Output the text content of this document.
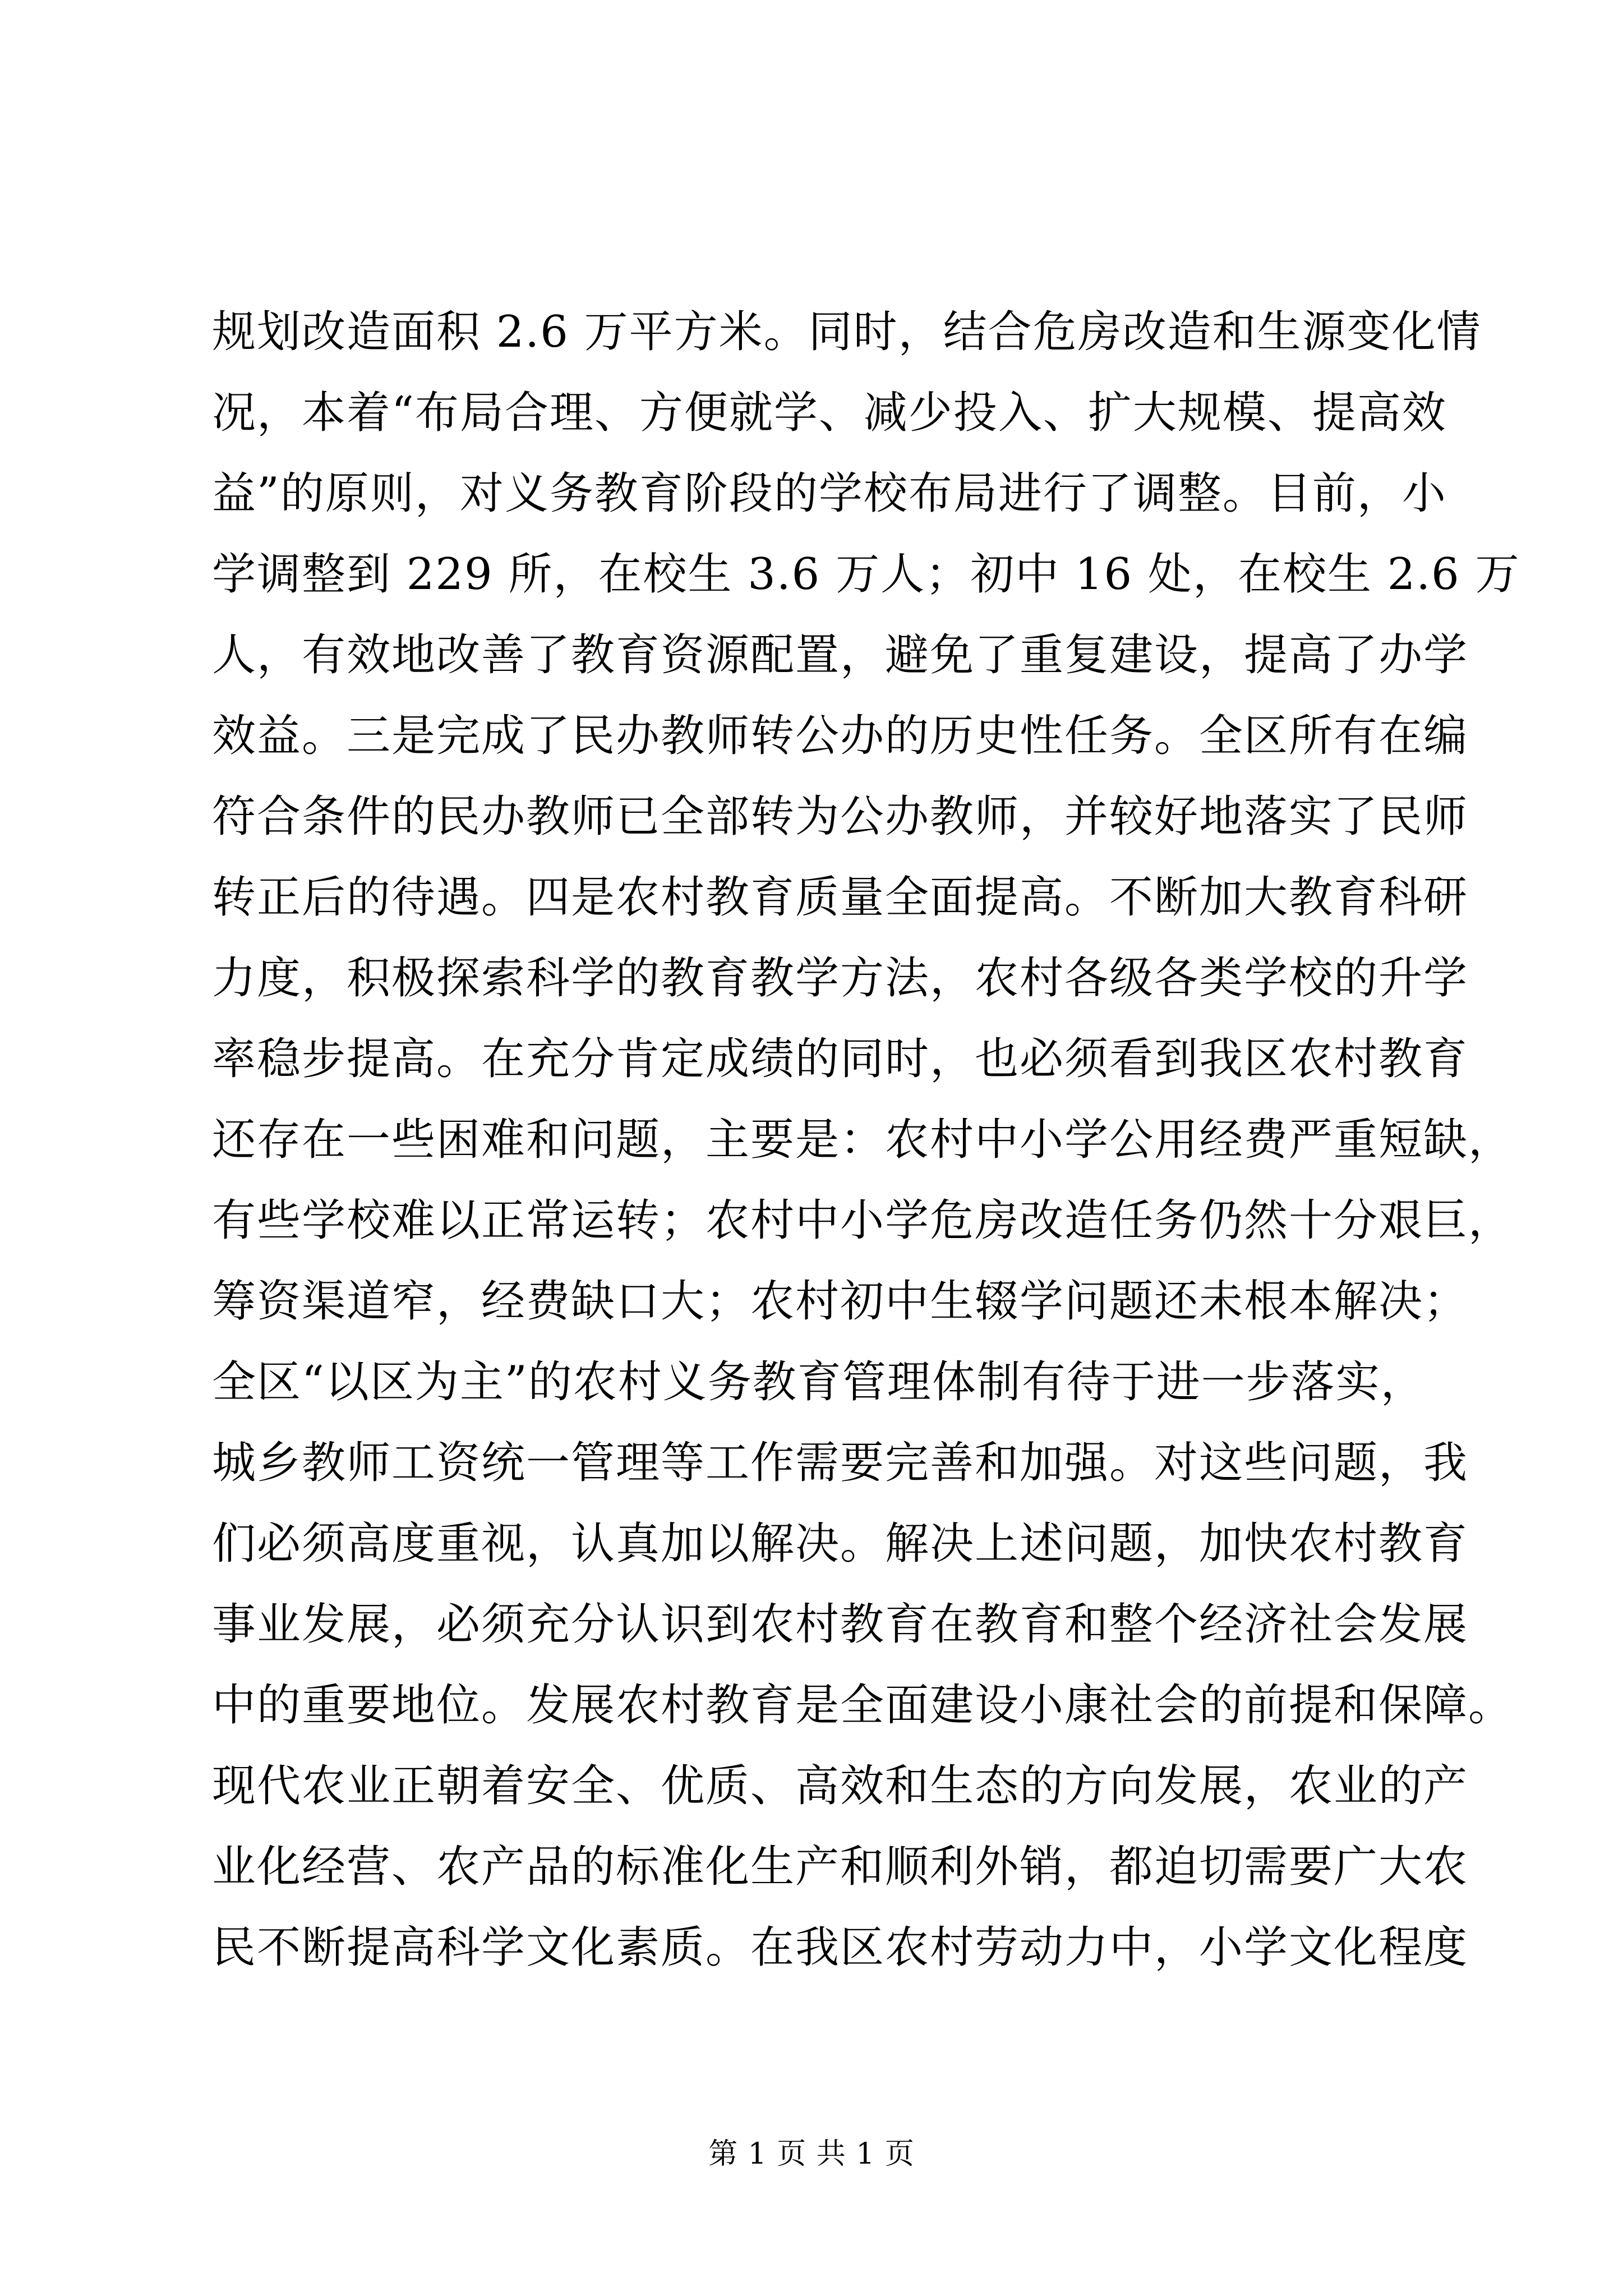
规划改造面积 2.6 万平方米。同时，结合危房改造和生源变化情
况，本着“布局合理、方便就学、减少投入、扩大规模、提高效
益”的原则，对义务教育阶段的学校布局进行了调整。目前，小
学调整到 229 所，在校生 3.6 万人；初中 16 处，在校生 2.6 万
人，有效地改善了教育资源配置，避免了重复建设，提高了办学
效益。三是完成了民办教师转公办的历史性任务。全区所有在编
符合条件的民办教师已全部转为公办教师，并较好地落实了民师
转正后的待遇。四是农村教育质量全面提高。不断加大教育科研
力度，积极探索科学的教育教学方法，农村各级各类学校的升学
率稳步提高。在充分肯定成绩的同时，也必须看到我区农村教育
还存在一些困难和问题，主要是：农村中小学公用经费严重短缺，
有些学校难以正常运转；农村中小学危房改造任务仍然十分艰巨，
筹资渠道窄，经费缺口大；农村初中生辍学问题还未根本解决；
全区“以区为主”的农村义务教育管理体制有待于进一步落实，
城乡教师工资统一管理等工作需要完善和加强。对这些问题，我
们必须高度重视，认真加以解决。解决上述问题，加快农村教育
事业发展，必须充分认识到农村教育在教育和整个经济社会发展
中的重要地位。发展农村教育是全面建设小康社会的前提和保障。
现代农业正朝着安全、优质、高效和生态的方向发展，农业的产
业化经营、农产品的标准化生产和顺利外销，都迫切需要广大农
民不断提高科学文化素质。在我区农村劳动力中，小学文化程度
第 1 页 共 1 页
